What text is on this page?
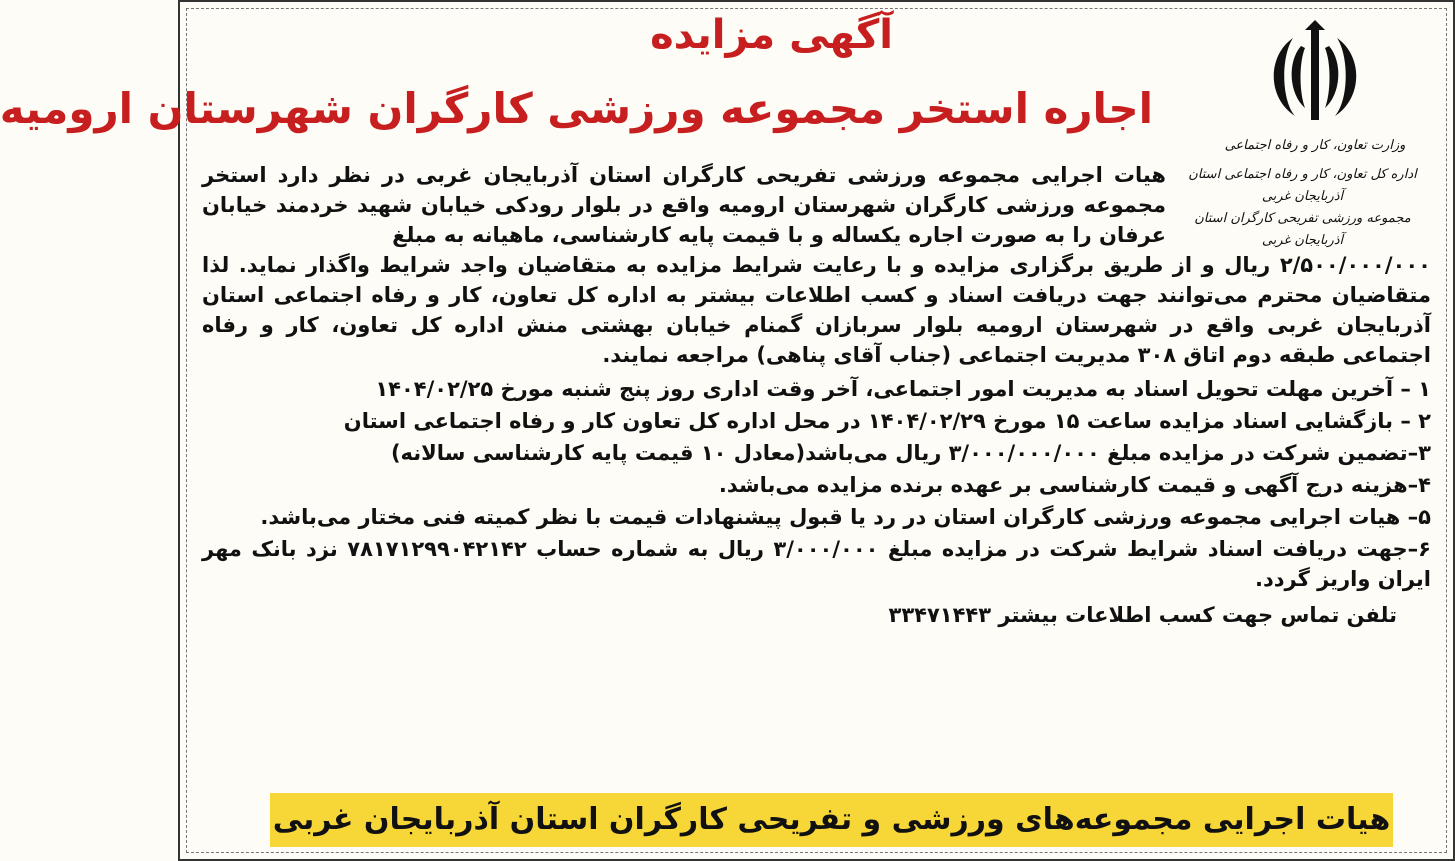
وزارت تعاون، کار و رفاه اجتماعی
آگهی مزایده
اجاره استخر مجموعه ورزشی کارگران شهرستان ارومیه
اداره کل تعاون، کار و رفاه اجتماعی استان آذربایجان غربی
مجموعه ورزشی تفریحی کارگران استان آذربایجان غربی

هیات اجرایی مجموعه ورزشی تفریحی کارگران استان آذربایجان غربی در نظر دارد استخر مجموعه ورزشی کارگران شهرستان ارومیه واقع در بلوار رودکی خیابان شهید خردمند خیابان عرفان را به صورت اجاره یکساله و با قیمت پایه کارشناسی، ماهیانه به مبلغ

۲/۵۰۰/۰۰۰/۰۰۰ ریال و از طریق برگزاری مزایده و با رعایت شرایط مزایده به متقاضیان واجد شرایط واگذار نماید. لذا متقاضیان محترم می‌توانند جهت دریافت اسناد و کسب اطلاعات بیشتر به اداره کل تعاون، کار و رفاه اجتماعی استان آذربایجان غربی واقع در شهرستان ارومیه بلوار سربازان گمنام خیابان بهشتی منش اداره کل تعاون، کار و رفاه اجتماعی طبقه دوم اتاق ۳۰۸ مدیریت اجتماعی (جناب آقای پناهی) مراجعه نمایند.

۱ – آخرین مهلت تحویل اسناد به مدیریت امور اجتماعی، آخر وقت اداری روز پنج شنبه مورخ ۱۴۰۴/۰۲/۲۵
۲ – بازگشایی اسناد مزایده ساعت ۱۵ مورخ ۱۴۰۴/۰۲/۲۹ در محل اداره کل تعاون کار و رفاه اجتماعی استان
۳–تضمین شرکت در مزایده مبلغ ۳/۰۰۰/۰۰۰/۰۰۰ ریال می‌باشد(معادل ۱۰ قیمت پایه کارشناسی سالانه)
۴–هزینه درج آگهی و قیمت کارشناسی بر عهده برنده مزایده می‌باشد.
۵– هیات اجرایی مجموعه ورزشی کارگران استان در رد یا قبول پیشنهادات قیمت با نظر کمیته فنی مختار می‌باشد.
۶–جهت دریافت اسناد شرایط شرکت در مزایده مبلغ ۳/۰۰۰/۰۰۰ ریال به شماره حساب ۷۸۱۷۱۲۹۹۰۴۲۱۴۲ نزد بانک مهر ایران واریز گردد.
تلفن تماس جهت کسب اطلاعات بیشتر ۳۳۴۷۱۴۴۳
هیات اجرایی مجموعه‌های ورزشی و تفریحی کارگران استان آذربایجان غربی
